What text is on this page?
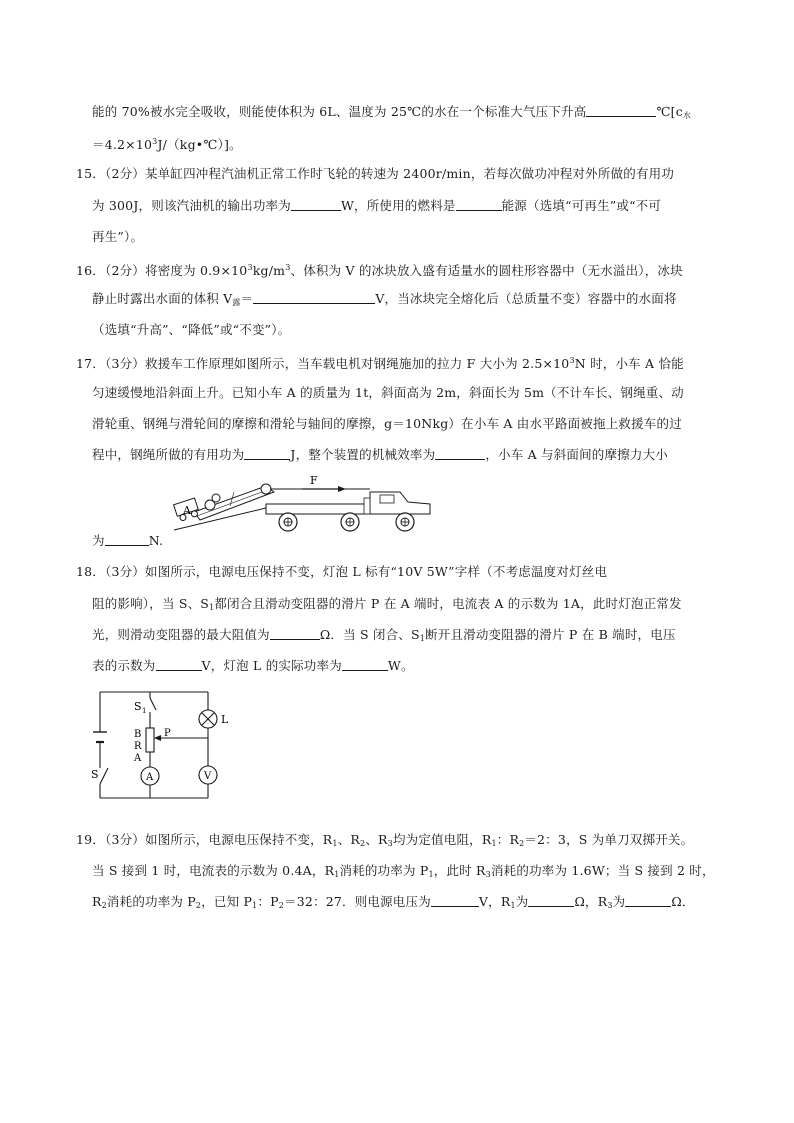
能的 70%被水完全吸收，则能使体积为 6L、温度为 25℃的水在一个标准大气压下升高	$℃[c_水$
$=4.2\times 10^3J/(kg•℃)$]。
15．（2分）某单缸四冲程汽油机正常工作时飞轮的转速为 2400r/min，若每次做功冲程对外所做的有用功
为 300J，则该汽油机的输出功率为	W，所使用的燃料是	能源（选填“可再生”或“不可
再生”）。
16．（2分）将密度为 $0.9\times 10^3kg/m^3$、体积为 V 的冰块放入盛有适量水的圆柱形容器中（无水溢出），冰块
静止时露出水面的体积 $V_露=$	V，当冰块完全熔化后（总质量不变）容器中的水面将
（选填“升高”、“降低”或“不变”）。
17．（3分）救援车工作原理如图所示，当车载电机对钢绳施加的拉力 F 大小为 $2.5\times 10^3N$ 时，小车 A 恰能
匀速缓慢地沿斜面上升。已知小车 A 的质量为 1t，斜面高为 2m，斜面长为 5m（不计车长、钢绳重、动
滑轮重、钢绳与滑轮间的摩擦和滑轮与轴间的摩擦，g＝10Nkg）在小车 A 由水平路面被拖上救援车的过
程中，钢绳所做的有用功为	J，整个装置的机械效率为	，小车 A 与斜面间的摩擦力大小
A
F
为	N.
18．（3分）如图所示，电源电压保持不变，灯泡 L 标有“10V 5W”字样（不考虑温度对灯丝电
阻的影响），当 S、$S_1$都闭合且滑动变阻器的滑片 P 在 A 端时，电流表 A 的示数为 1A，此时灯泡正常发
光，则滑动变阻器的最大阻值为	Ω．当 S 闭合、$S_1$断开且滑动变阻器的滑片 P 在 B 端时，电压
表的示数为	V，灯泡 L 的实际功率为	W。
S 1
L
B
R
A
P
S	A	V
19．（3分）如图所示，电源电压保持不变，$R_1$、$R_2$、$R_3$均为定值电阻，$R_1$：$R_2=2$：3，S 为单刀双掷开关。
当 S 接到 1 时，电流表的示数为 0.4A，$R_1$消耗的功率为 $P_1$，此时 $R_3$消耗的功率为 1.6W；当 S 接到 2 时，
$R_2$消耗的功率为 $P_2$，已知 $P_1$：$P_2=32$：27．则电源电压为	V，$R_1$为	Ω，$R_3$为	Ω．
